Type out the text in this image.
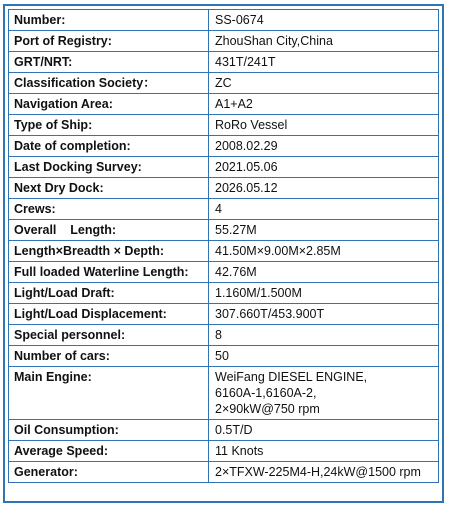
Number:	SS-0674

Port of Registry:	ZhouShan City,China

GRT/NRT:	431T/241T

Classification Society：	ZC

Navigation Area:	A1+A2

Type of Ship:	RoRo Vessel

Date of completion:	2008.02.29

Last Docking Survey:	2021.05.06

Next Dry Dock:	2026.05.12

Crews:	4

Overall    Length:	55.27M

Length×Breadth × Depth:	41.50M×9.00M×2.85M

Full loaded Waterline Length:	42.76M

Light/Load Draft:	1.160M/1.500M

Light/Load Displacement:	307.660T/453.900T

Special personnel:	8

Number of cars:	50

Main Engine:	WeiFang DIESEL ENGINE,
6160A-1,6160A-2,
2×90kW@750 rpm

Oil Consumption:	0.5T/D

Average Speed:	11 Knots

Generator:	2×TFXW-225M4-H,24kW@1500 rpm
